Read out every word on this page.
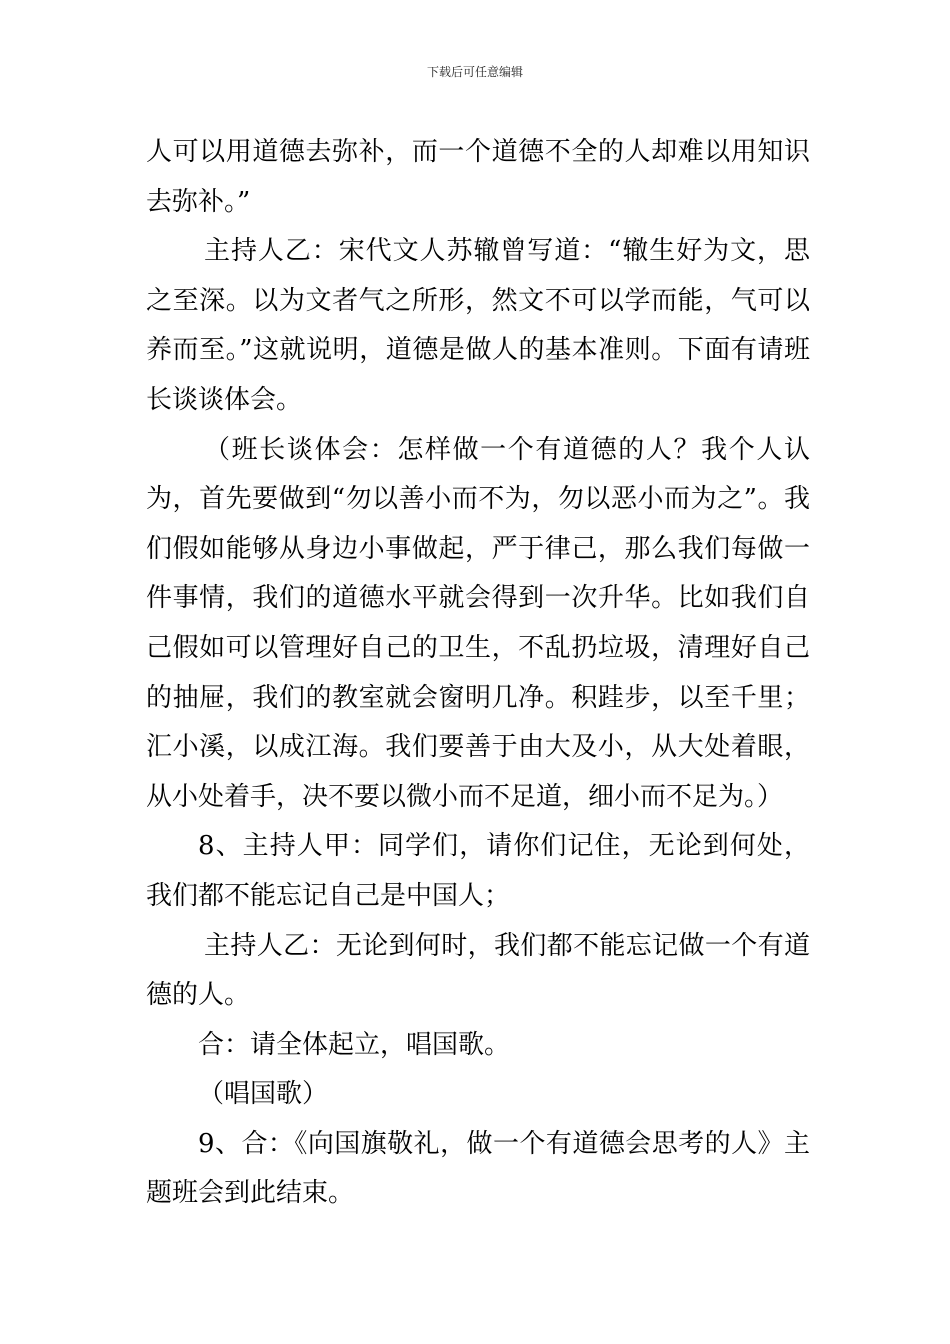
下载后可任意编辑

人可以用道德去弥补，而一个道德不全的人却难以用知识去弥补。”

主持人乙：宋代文人苏辙曾写道：“辙生好为文，思之至深。以为文者气之所形，然文不可以学而能，气可以养而至。”这就说明，道德是做人的基本准则。下面有请班长谈谈体会。

（班长谈体会：怎样做一个有道德的人？我个人认为，首先要做到“勿以善小而不为，勿以恶小而为之”。我们假如能够从身边小事做起，严于律己，那么我们每做一件事情，我们的道德水平就会得到一次升华。比如我们自己假如可以管理好自己的卫生，不乱扔垃圾，清理好自己的抽屉，我们的教室就会窗明几净。积跬步，以至千里；汇小溪，以成江海。我们要善于由大及小，从大处着眼，从小处着手，决不要以微小而不足道，细小而不足为。）

8、主持人甲：同学们，请你们记住，无论到何处，我们都不能忘记自己是中国人；

主持人乙：无论到何时，我们都不能忘记做一个有道德的人。

合：请全体起立，唱国歌。

（唱国歌）

9、合：《向国旗敬礼，做一个有道德会思考的人》主题班会到此结束。
